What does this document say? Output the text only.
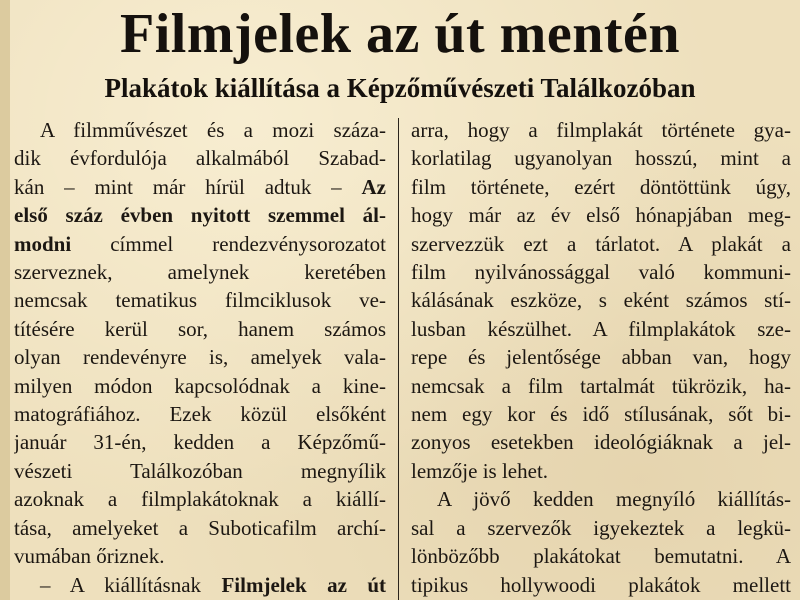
Filmjelek az út mentén
Plakátok kiállítása a Képzőművészeti Találkozóban
A filmművészet és a mozi száza-
dik évfordulója alkalmából Szabad-
kán – mint már hírül adtuk – Az
első száz évben nyitott szemmel ál-
modni címmel rendezvénysorozatot
szerveznek, amelynek keretében
nemcsak tematikus filmciklusok ve-
títésére kerül sor, hanem számos
olyan rendevényre is, amelyek vala-
milyen módon kapcsolódnak a kine-
matográfiához. Ezek közül elsőként
január 31-én, kedden a Képzőmű-
vészeti Találkozóban megnyílik
azoknak a filmplakátoknak a kiállí-
tása, amelyeket a Suboticafilm archí-
vumában őriznek.
– A kiállításnak Filmjelek az út
arra, hogy a filmplakát története gya-
korlatilag ugyanolyan hosszú, mint a
film története, ezért döntöttünk úgy,
hogy már az év első hónapjában meg-
szervezzük ezt a tárlatot. A plakát a
film nyilvánossággal való kommuni-
kálásának eszköze, s eként számos stí-
lusban készülhet. A filmplakátok sze-
repe és jelentősége abban van, hogy
nemcsak a film tartalmát tükrözik, ha-
nem egy kor és idő stílusának, sőt bi-
zonyos esetekben ideológiáknak a jel-
lemzője is lehet.
A jövő kedden megnyíló kiállítás-
sal a szervezők igyekeztek a legkü-
lönbözőbb plakátokat bemutatni. A
tipikus hollywoodi plakátok mellett
